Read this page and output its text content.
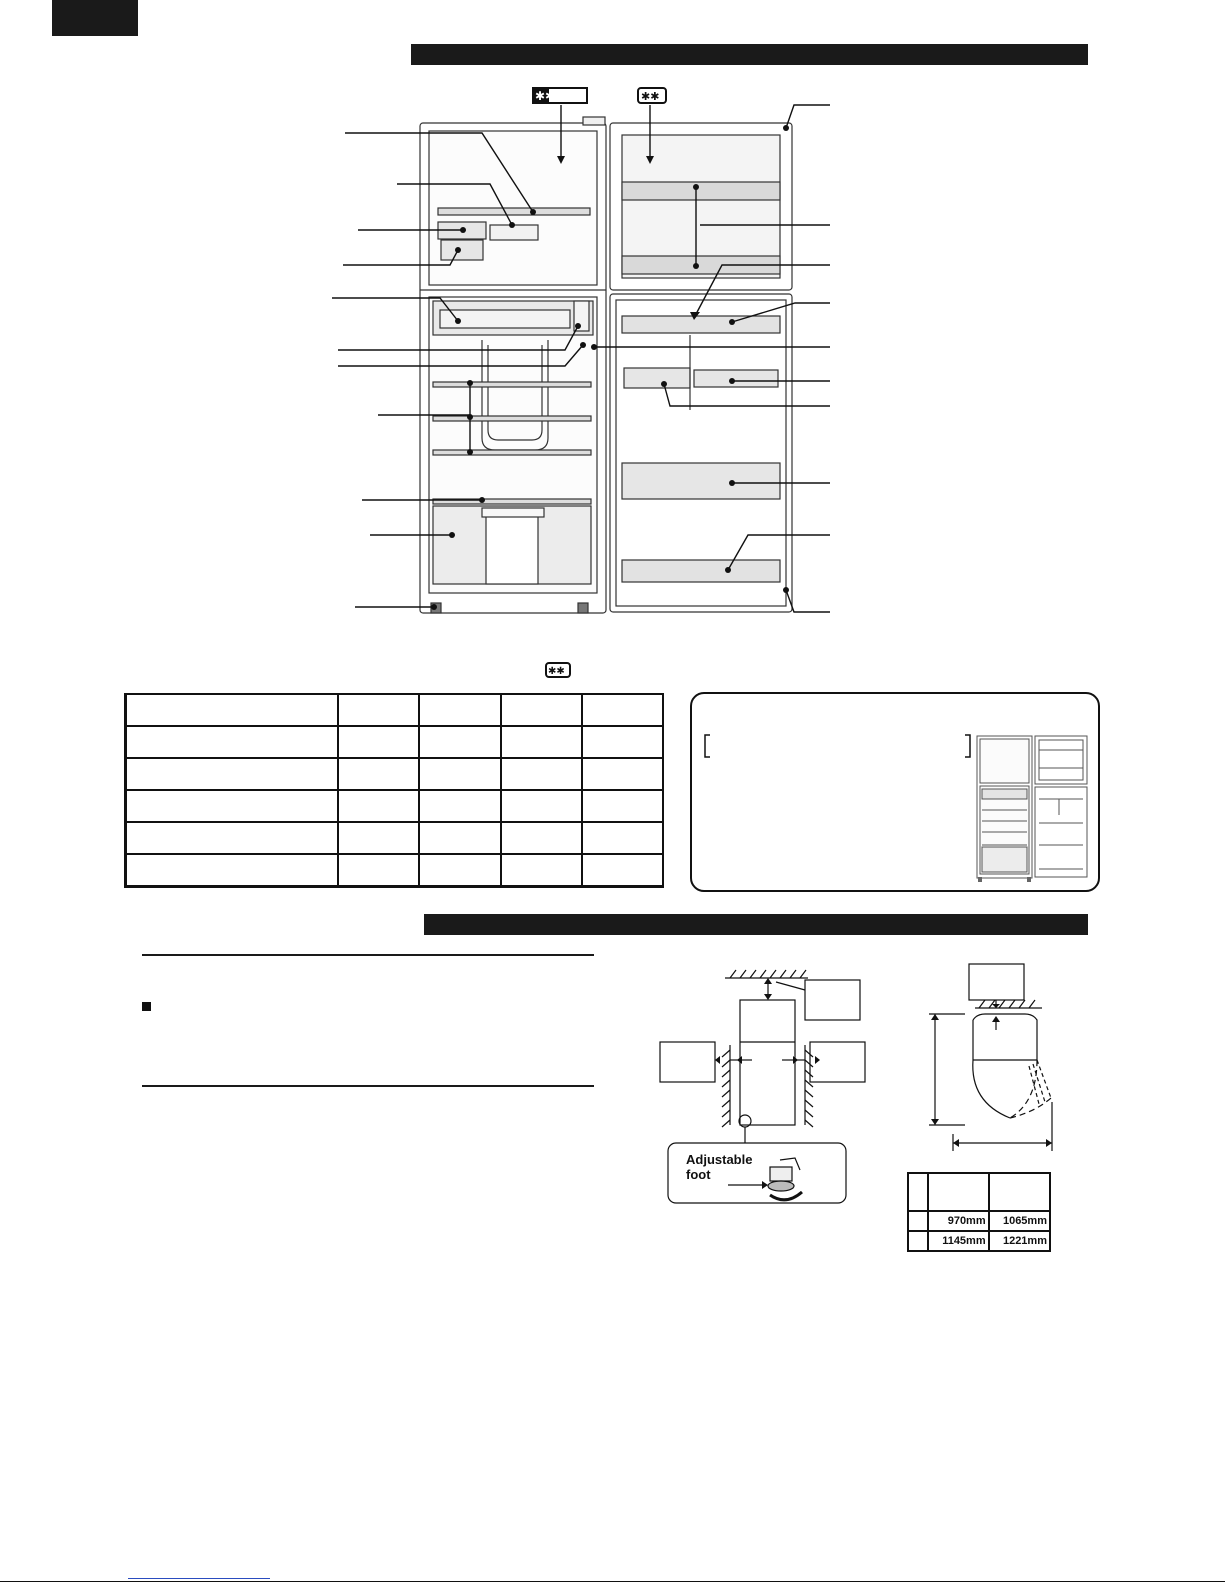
✱✱✱✱	✱✱
✱✱

Adjustable
foot

	970mm	1065mm
	1145mm	1221mm
